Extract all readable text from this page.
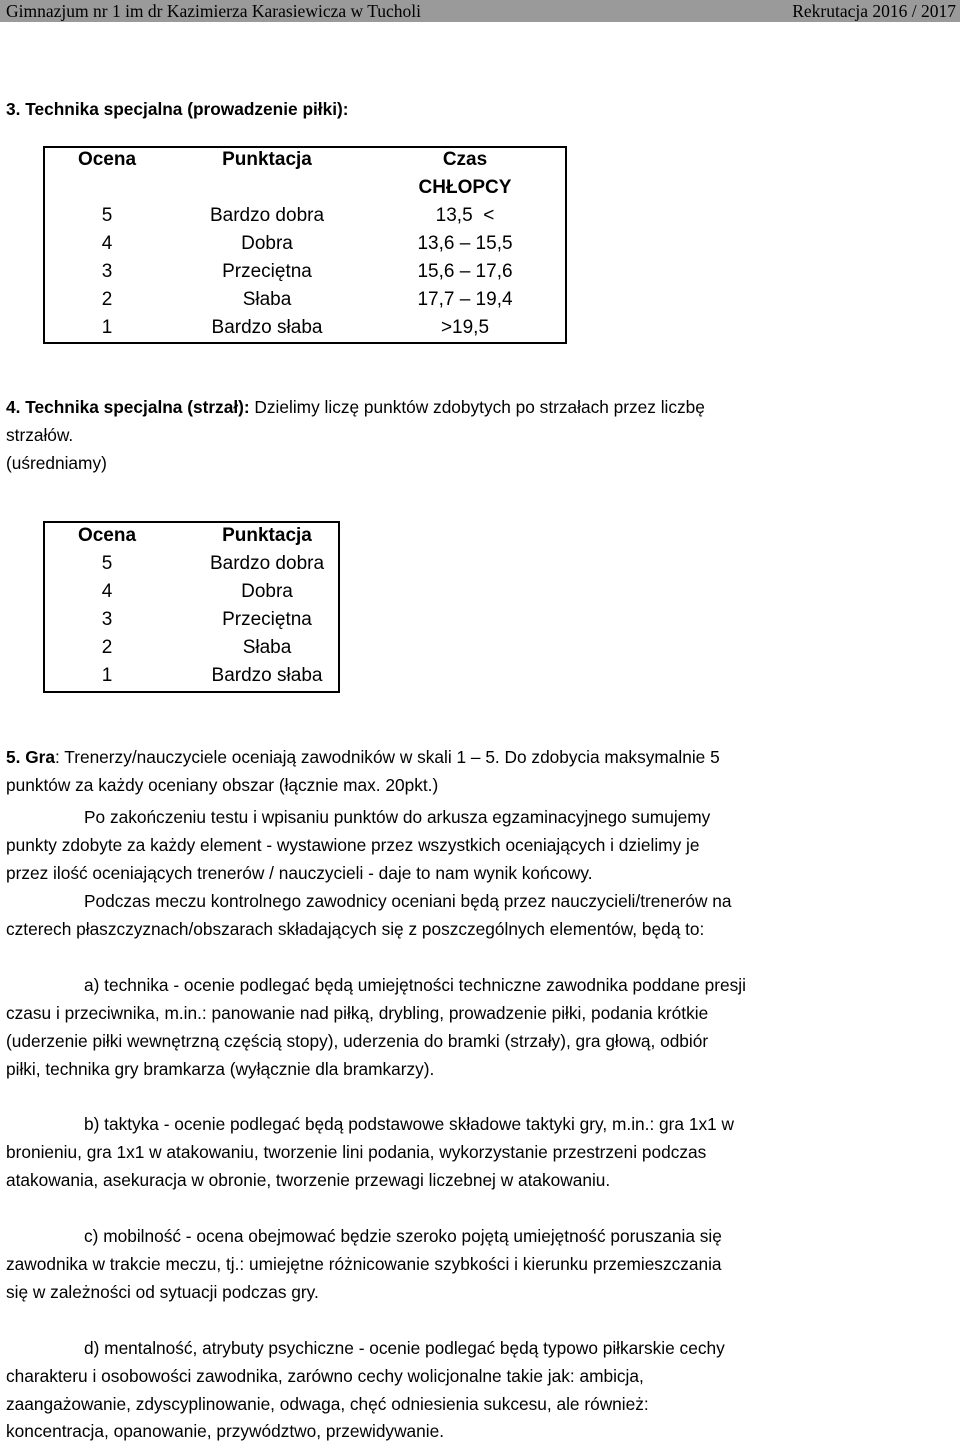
Gimnazjum nr 1 im dr Kazimierza Karasiewicza w Tucholi	Rekrutacja 2016 / 2017
3. Technika specjalna (prowadzenie piłki):
Ocena	Punktacja	Czas
CHŁOPCY
5	Bardzo dobra	13,5  <
4	Dobra	13,6 – 15,5
3	Przeciętna	15,6 – 17,6
2	Słaba	17,7 – 19,4
1	Bardzo słaba	>19,5
4. Technika specjalna (strzał): Dzielimy liczę punktów zdobytych po strzałach przez liczbę
strzałów.
(uśredniamy)
Ocena	Punktacja
5	Bardzo dobra
4	Dobra
3	Przeciętna
2	Słaba
1	Bardzo słaba
5. Gra: Trenerzy/nauczyciele oceniają zawodników w skali 1 – 5. Do zdobycia maksymalnie 5
punktów za każdy oceniany obszar (łącznie max. 20pkt.)
Po zakończeniu testu i wpisaniu punktów do arkusza egzaminacyjnego sumujemy
punkty zdobyte za każdy element - wystawione przez wszystkich oceniających i dzielimy je
przez ilość oceniających trenerów / nauczycieli - daje to nam wynik końcowy.
Podczas meczu kontrolnego zawodnicy oceniani będą przez nauczycieli/trenerów na
czterech płaszczyznach/obszarach składających się z poszczególnych elementów, będą to:
a) technika - ocenie podlegać będą umiejętności techniczne zawodnika poddane presji
czasu i przeciwnika, m.in.: panowanie nad piłką, drybling, prowadzenie piłki, podania krótkie
(uderzenie piłki wewnętrzną częścią stopy), uderzenia do bramki (strzały), gra głową, odbiór
piłki, technika gry bramkarza (wyłącznie dla bramkarzy).
b) taktyka - ocenie podlegać będą podstawowe składowe taktyki gry, m.in.: gra 1x1 w
bronieniu, gra 1x1 w atakowaniu, tworzenie lini podania, wykorzystanie przestrzeni podczas
atakowania, asekuracja w obronie, tworzenie przewagi liczebnej w atakowaniu.
c) mobilność - ocena obejmować będzie szeroko pojętą umiejętność poruszania się
zawodnika w trakcie meczu, tj.: umiejętne różnicowanie szybkości i kierunku przemieszczania
się w zależności od sytuacji podczas gry.
d) mentalność, atrybuty psychiczne - ocenie podlegać będą typowo piłkarskie cechy
charakteru i osobowości zawodnika, zarówno cechy wolicjonalne takie jak: ambicja,
zaangażowanie, zdyscyplinowanie, odwaga, chęć odniesienia sukcesu, ale również:
koncentracja, opanowanie, przywództwo, przewidywanie.
